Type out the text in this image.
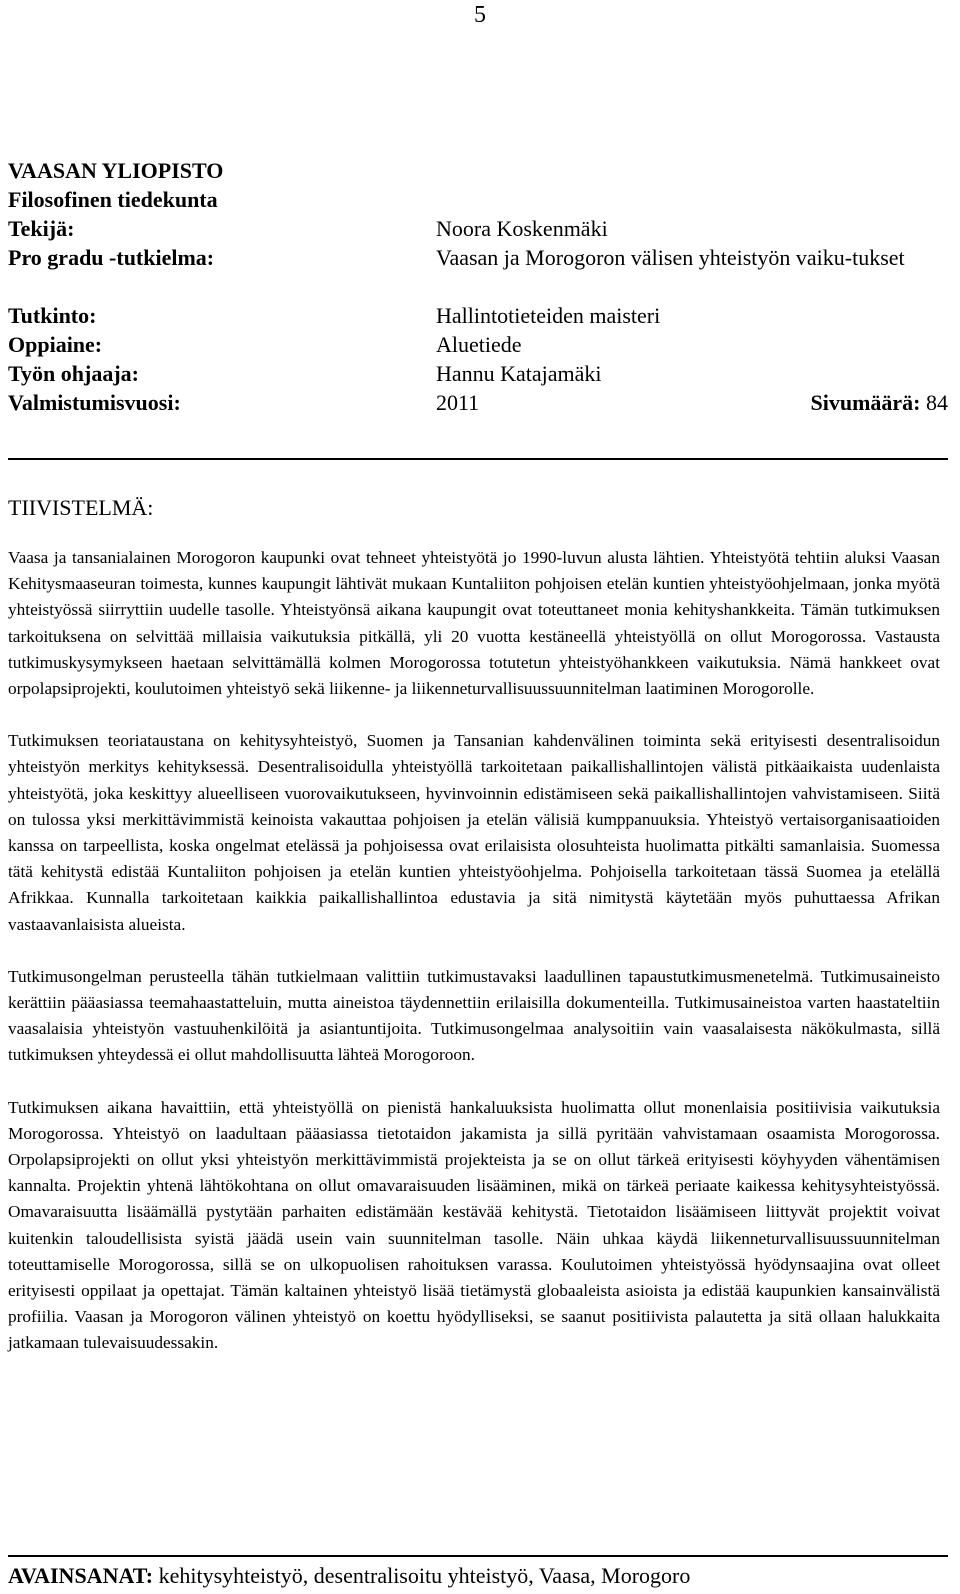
5
VAASAN YLIOPISTO
Filosofinen tiedekunta
Tekijä:	Noora Koskenmäki
Pro gradu -tutkielma:	Vaasan ja Morogoron välisen yhteistyön vaiku-tukset
Tutkinto:	Hallintotieteiden maisteri
Oppiaine:	Aluetiede
Työn ohjaaja:	Hannu Katajamäki
Valmistumisvuosi:	2011	Sivumäärä: 84
TIIVISTELMÄ:

Vaasa ja tansanialainen Morogoron kaupunki ovat tehneet yhteistyötä jo 1990-luvun alusta lähtien. Yhteistyötä tehtiin aluksi Vaasan Kehitysmaaseuran toimesta, kunnes kaupungit lähtivät mukaan Kuntaliiton pohjoisen etelän kuntien yhteistyöohjelmaan, jonka myötä yhteistyössä siirryttiin uudelle tasolle. Yhteistyönsä aikana kaupungit ovat toteuttaneet monia kehityshankkeita. Tämän tutkimuksen tarkoituksena on selvittää millaisia vaikutuksia pitkällä, yli 20 vuotta kestäneellä yhteistyöllä on ollut Morogorossa. Vastausta tutkimuskysymykseen haetaan selvittämällä kolmen Morogorossa totutetun yhteistyöhankkeen vaikutuksia. Nämä hankkeet ovat orpolapsiprojekti, koulutoimen yhteistyö sekä liikenne- ja liikenneturvallisuussuunnitelman laatiminen Morogorolle.

Tutkimuksen teoriataustana on kehitysyhteistyö, Suomen ja Tansanian kahdenvälinen toiminta sekä erityisesti desentralisoidun yhteistyön merkitys kehityksessä. Desentralisoidulla yhteistyöllä tarkoitetaan paikallishallintojen välistä pitkäaikaista uudenlaista yhteistyötä, joka keskittyy alueelliseen vuorovaikutukseen, hyvinvoinnin edistämiseen sekä paikallishallintojen vahvistamiseen. Siitä on tulossa yksi merkittävimmistä keinoista vakauttaa pohjoisen ja etelän välisiä kumppanuuksia. Yhteistyö vertaisorganisaatioiden kanssa on tarpeellista, koska ongelmat etelässä ja pohjoisessa ovat erilaisista olosuhteista huolimatta pitkälti samanlaisia. Suomessa tätä kehitystä edistää Kuntaliiton pohjoisen ja etelän kuntien yhteistyöohjelma. Pohjoisella tarkoitetaan tässä Suomea ja etelällä Afrikkaa. Kunnalla tarkoitetaan kaikkia paikallishallintoa edustavia ja sitä nimitystä käytetään myös puhuttaessa Afrikan vastaavanlaisista alueista.

Tutkimusongelman perusteella tähän tutkielmaan valittiin tutkimustavaksi laadullinen tapaustutkimusmenetelmä. Tutkimusaineisto kerättiin pääasiassa teemahaastatteluin, mutta aineistoa täydennettiin erilaisilla dokumenteilla. Tutkimusaineistoa varten haastateltiin vaasalaisia yhteistyön vastuuhenkilöitä ja asiantuntijoita. Tutkimusongelmaa analysoitiin vain vaasalaisesta näkökulmasta, sillä tutkimuksen yhteydessä ei ollut mahdollisuutta lähteä Morogoroon.

Tutkimuksen aikana havaittiin, että yhteistyöllä on pienistä hankaluuksista huolimatta ollut monenlaisia positiivisia vaikutuksia Morogorossa. Yhteistyö on laadultaan pääasiassa tietotaidon jakamista ja sillä pyritään vahvistamaan osaamista Morogorossa. Orpolapsiprojekti on ollut yksi yhteistyön merkittävimmistä projekteista ja se on ollut tärkeä erityisesti köyhyyden vähentämisen kannalta. Projektin yhtenä lähtökohtana on ollut omavaraisuuden lisääminen, mikä on tärkeä periaate kaikessa kehitysyhteistyössä. Omavaraisuutta lisäämällä pystytään parhaiten edistämään kestävää kehitystä. Tietotaidon lisäämiseen liittyvät projektit voivat kuitenkin taloudellisista syistä jäädä usein vain suunnitelman tasolle. Näin uhkaa käydä liikenneturvallisuussuunnitelman toteuttamiselle Morogorossa, sillä se on ulkopuolisen rahoituksen varassa. Koulutoimen yhteistyössä hyödynsaajina ovat olleet erityisesti oppilaat ja opettajat. Tämän kaltainen yhteistyö lisää tietämystä globaaleista asioista ja edistää kaupunkien kansainvälistä profiilia. Vaasan ja Morogoron välinen yhteistyö on koettu hyödylliseksi, se saanut positiivista palautetta ja sitä ollaan halukkaita jatkamaan tulevaisuudessakin.

AVAINSANAT: kehitysyhteistyö, desentralisoitu yhteistyö, Vaasa, Morogoro
